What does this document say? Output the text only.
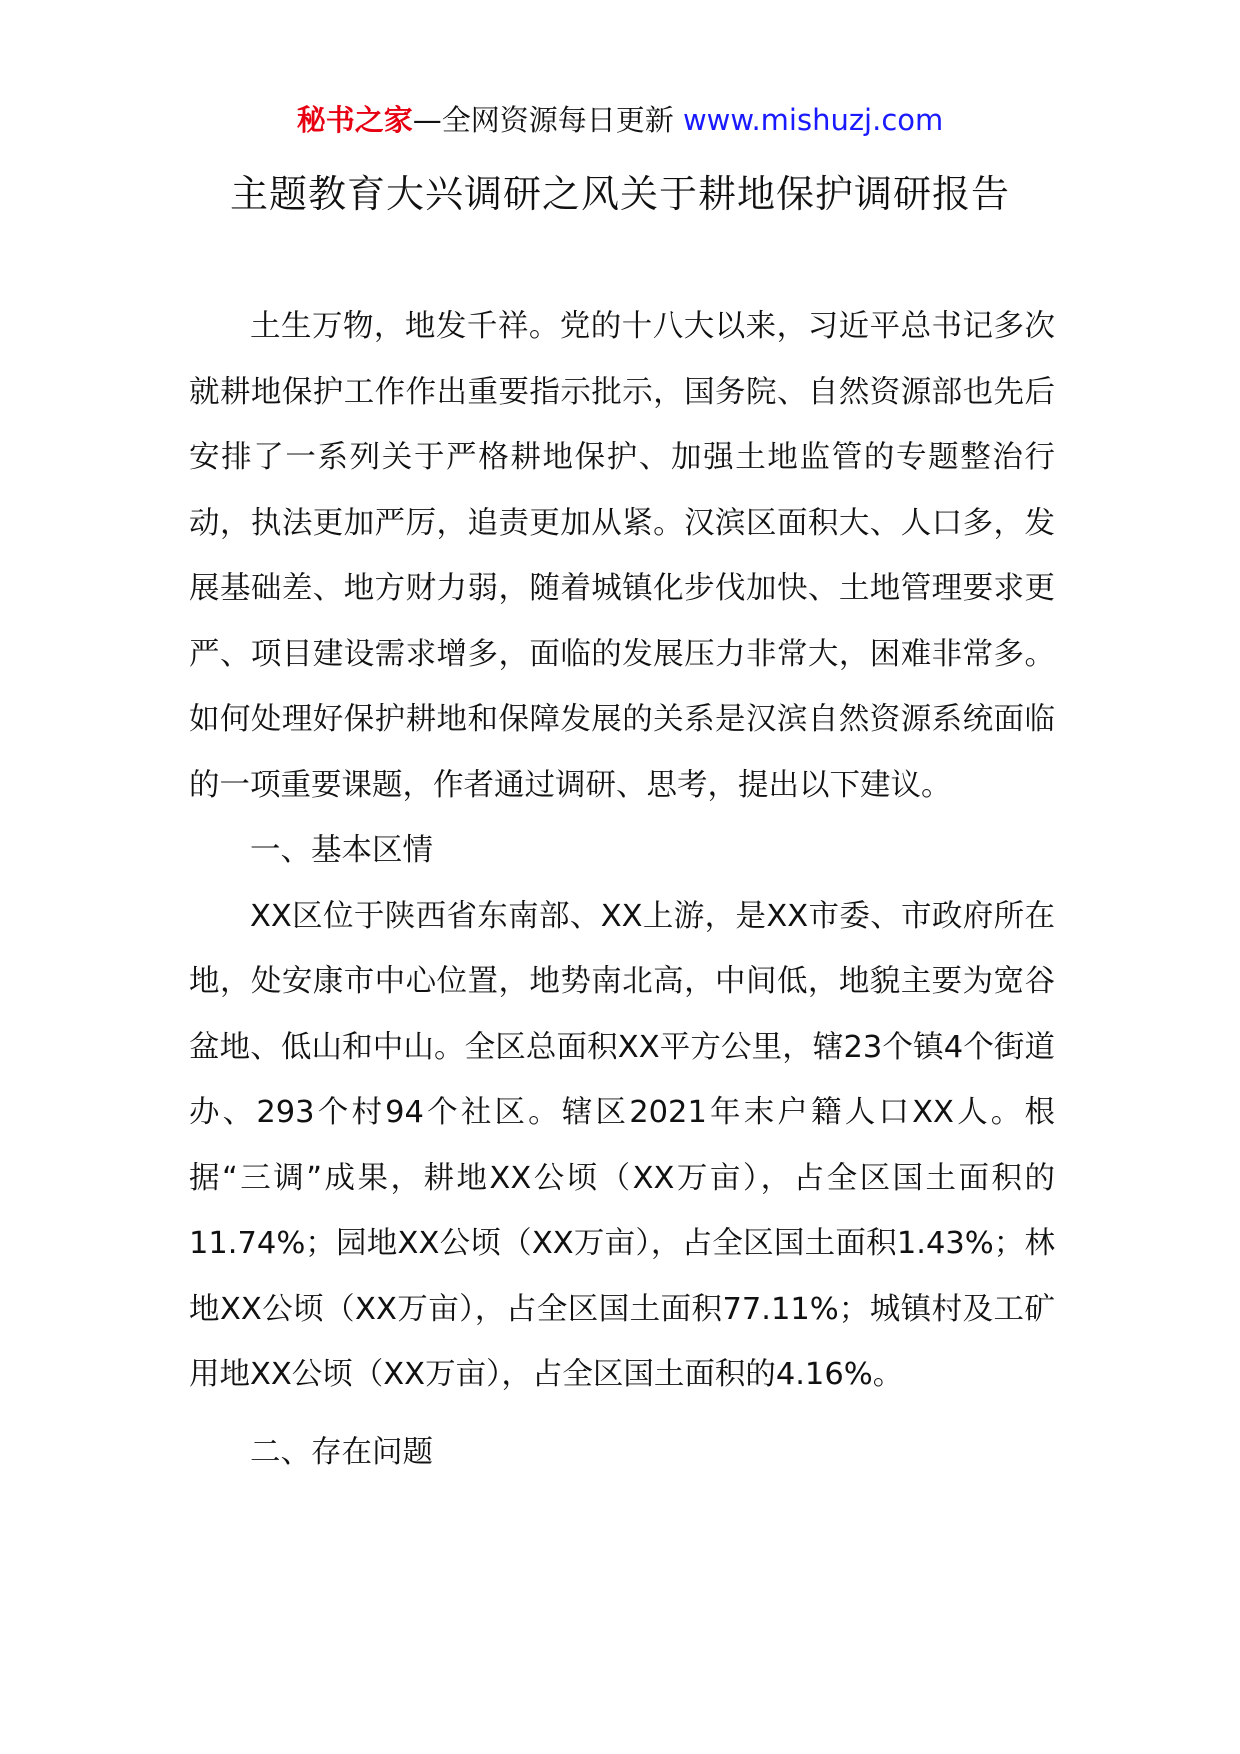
秘书之家—全网资源每日更新 www.mishuzj.com
主题教育大兴调研之风关于耕地保护调研报告

土生万物，地发千祥。党的十八大以来，习近平总书记多次就耕地保护工作作出重要指示批示，国务院、自然资源部也先后安排了一系列关于严格耕地保护、加强土地监管的专题整治行动，执法更加严厉，追责更加从紧。汉滨区面积大、人口多，发展基础差、地方财力弱，随着城镇化步伐加快、土地管理要求更严、项目建设需求增多，面临的发展压力非常大，困难非常多。如何处理好保护耕地和保障发展的关系是汉滨自然资源系统面临的一项重要课题，作者通过调研、思考，提出以下建议。

一、基本区情

XX区位于陕西省东南部、XX上游，是XX市委、市政府所在地，处安康市中心位置，地势南北高，中间低，地貌主要为宽谷盆地、低山和中山。全区总面积XX平方公里，辖23个镇4个街道办、293个村94个社区。辖区2021年末户籍人口XX人。根据“三调”成果，耕地XX公顷（XX万亩），占全区国土面积的11.74%；园地XX公顷（XX万亩），占全区国土面积1.43%；林地XX公顷（XX万亩），占全区国土面积77.11%；城镇村及工矿用地XX公顷（XX万亩），占全区国土面积的4.16%。

二、存在问题
